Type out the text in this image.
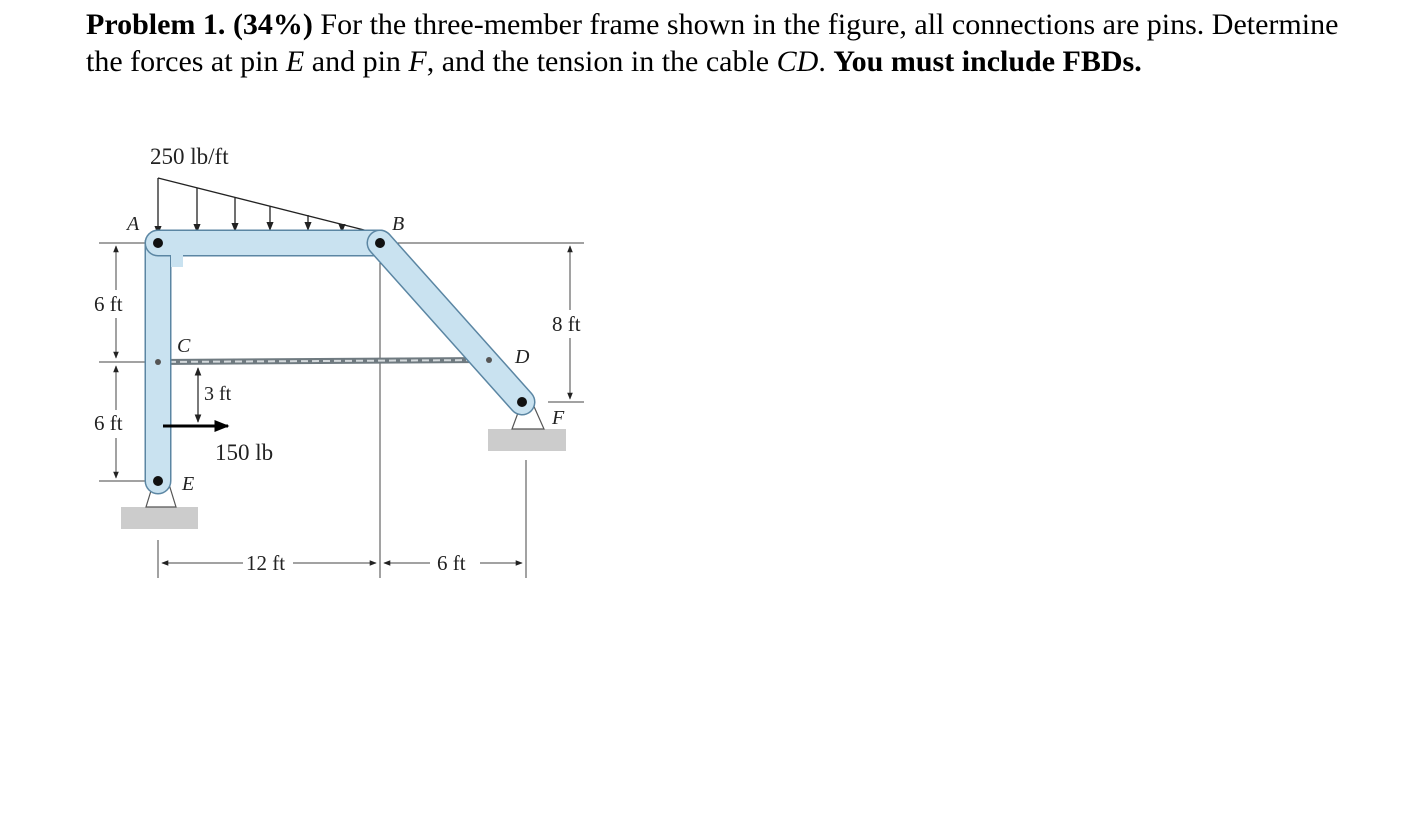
Problem 1. (34%) For the three-member frame shown in the figure, all connections are pins. Determine the forces at pin E and pin F, and the tension in the cable CD. You must include FBDs.
250 lb/ft
150 lb
A	B
C	D
E
F
6 ft
6 ft
3 ft
8 ft
12 ft	6 ft
